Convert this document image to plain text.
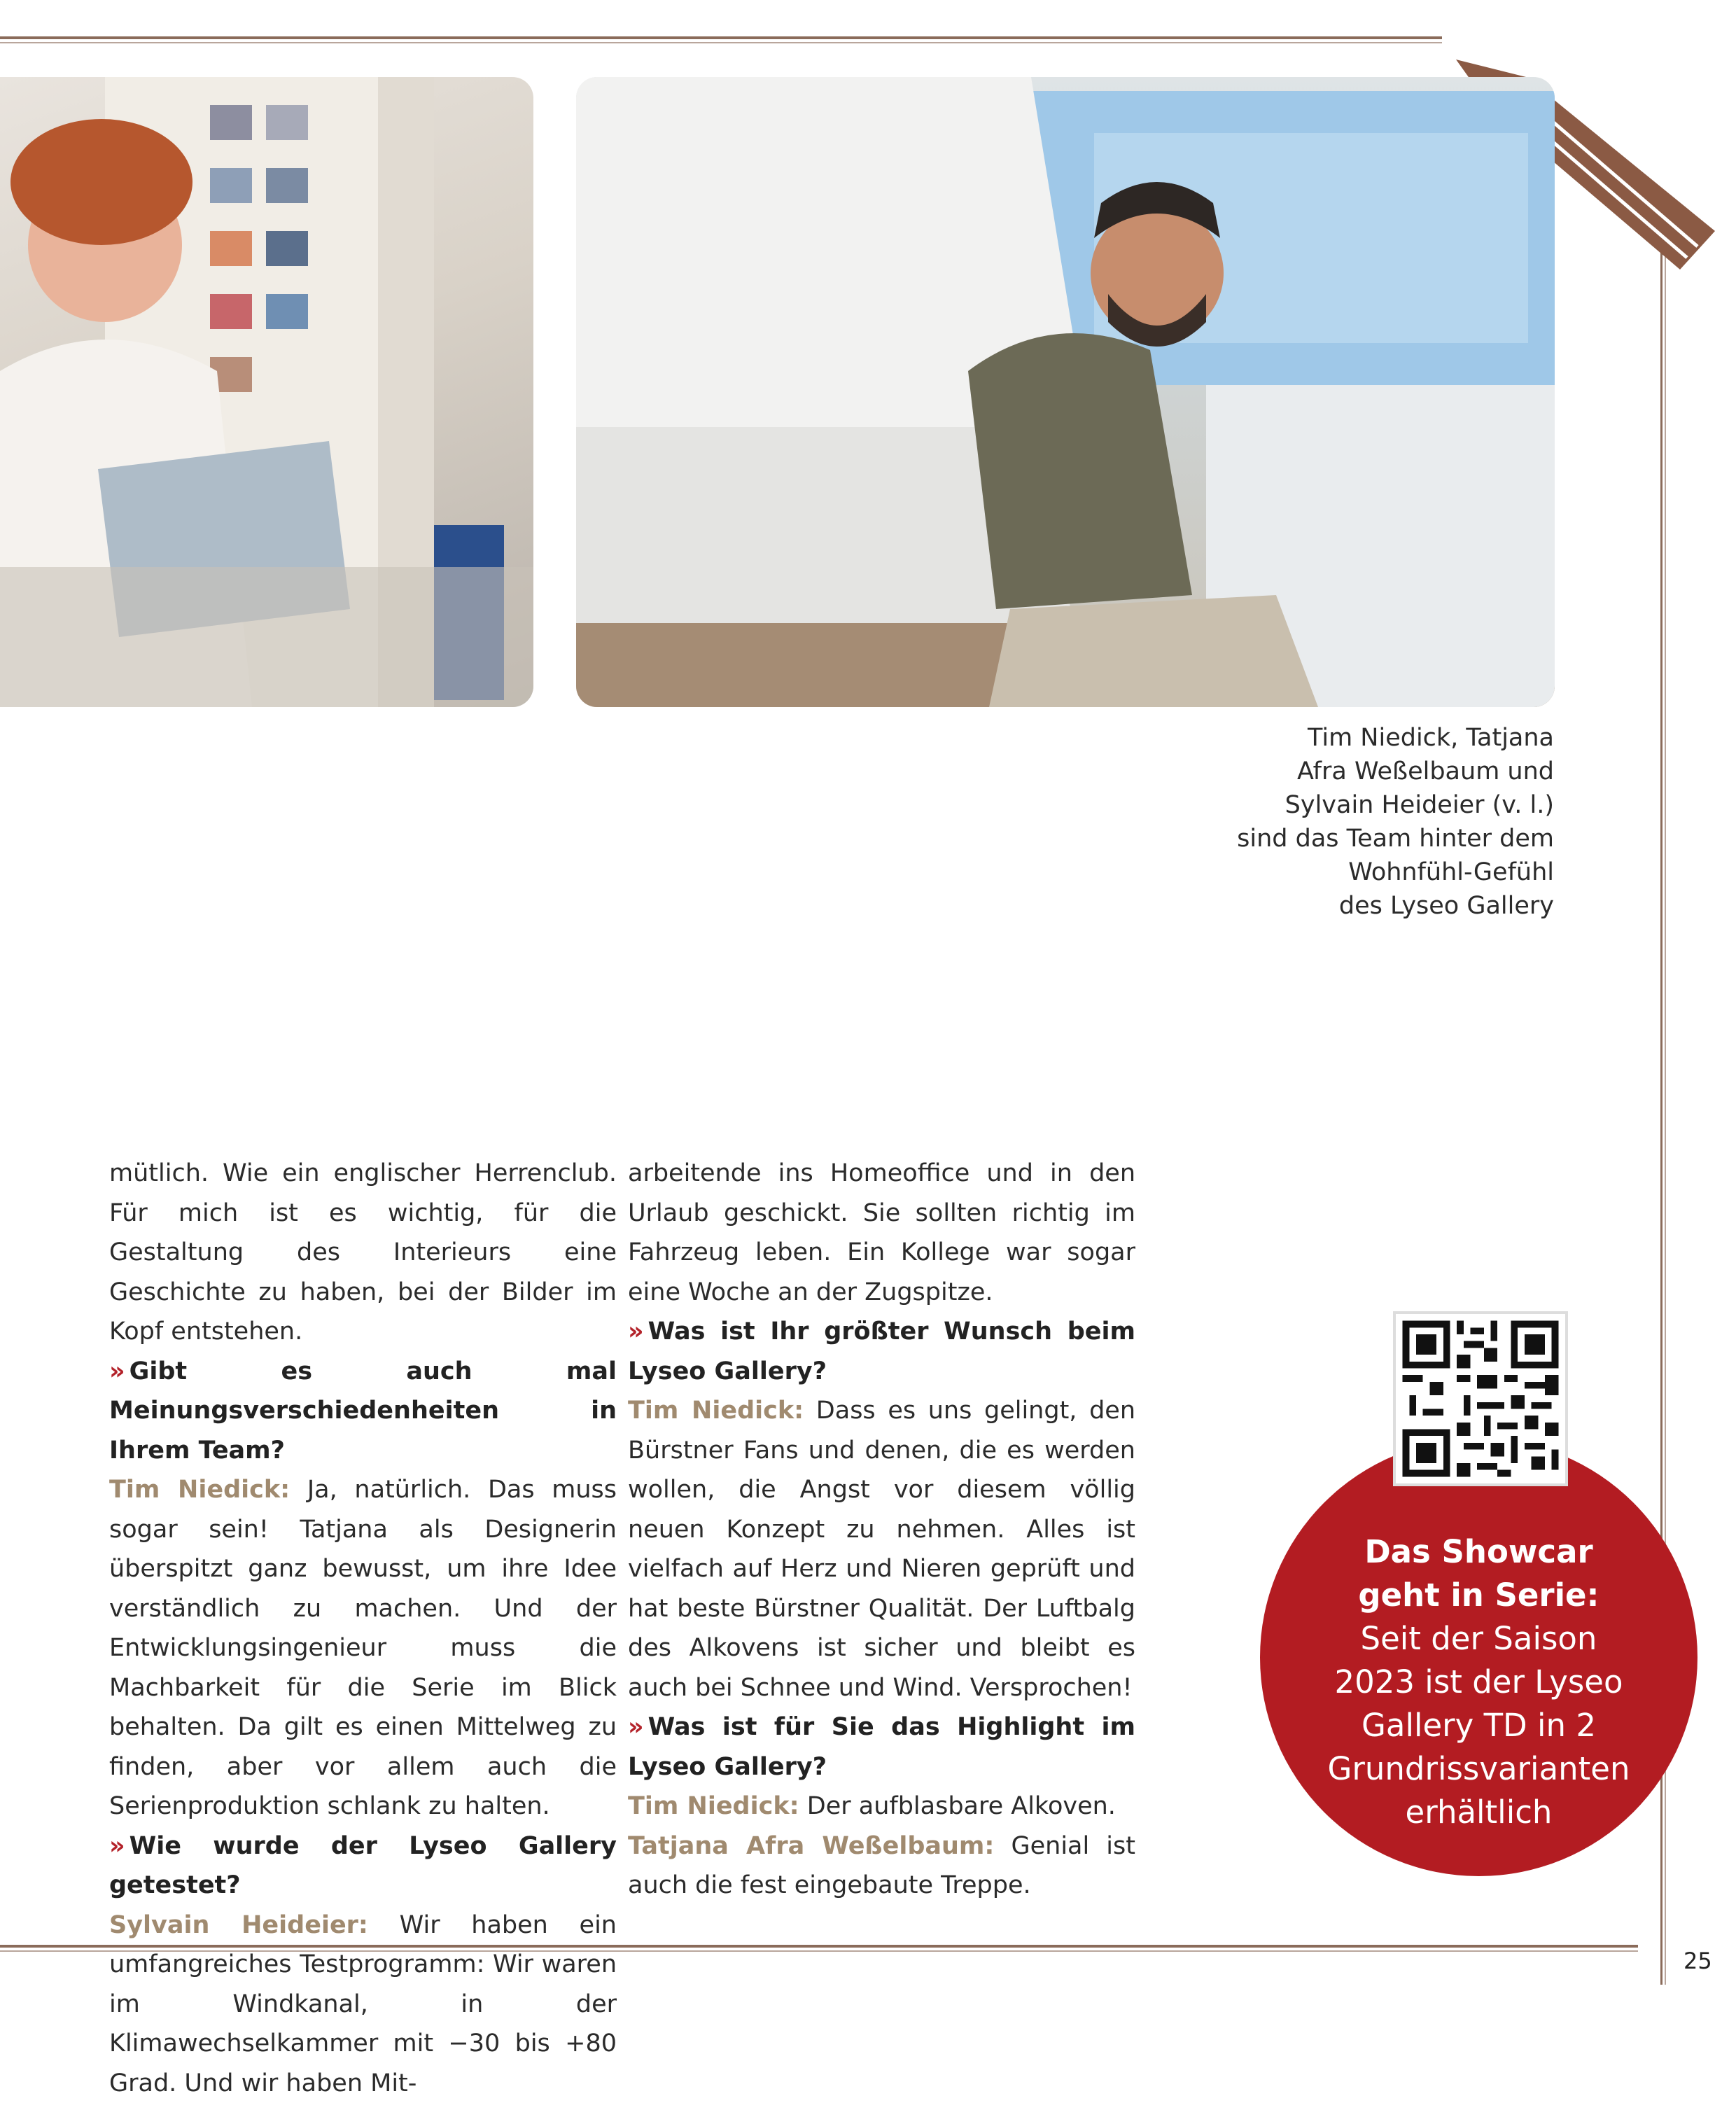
Tim Niedick, Tatjana
Afra Weßelbaum und
Sylvain Heideier (v. l.)
sind das Team hinter dem
Wohnfühl-Gefühl
des Lyseo Gallery

mütlich. Wie ein englischer Herrenclub. Für mich ist es wichtig, für die Gestaltung des Interieurs eine Geschichte zu haben, bei der Bilder im Kopf entstehen.

» Gibt es auch mal Meinungsverschiedenheiten in Ihrem Team?

Tim Niedick: Ja, natürlich. Das muss sogar sein! Tatjana als Designerin überspitzt ganz bewusst, um ihre Idee verständlich zu machen. Und der Entwicklungsingenieur muss die Machbarkeit für die Serie im Blick behalten. Da gilt es einen Mittelweg zu finden, aber vor allem auch die Serienproduktion schlank zu halten.

» Wie wurde der Lyseo Gallery getestet?

Sylvain Heideier: Wir haben ein umfangreiches Testprogramm: Wir waren im Windkanal, in der Klimawechselkammer mit −30 bis +80 Grad. Und wir haben Mit-

arbeitende ins Homeoffice und in den Urlaub geschickt. Sie sollten richtig im Fahrzeug leben. Ein Kollege war sogar eine Woche an der Zugspitze.

» Was ist Ihr größter Wunsch beim Lyseo Gallery?

Tim Niedick: Dass es uns gelingt, den Bürstner Fans und denen, die es werden wollen, die Angst vor diesem völlig neuen Konzept zu nehmen. Alles ist vielfach auf Herz und Nieren geprüft und hat beste Bürstner Qualität. Der Luftbalg des Alkovens ist sicher und bleibt es auch bei Schnee und Wind. Versprochen!

» Was ist für Sie das Highlight im Lyseo Gallery?

Tim Niedick: Der aufblasbare Alkoven.

Tatjana Afra Weßelbaum: Genial ist auch die fest eingebaute Treppe.

Das Showcar geht in Serie: Seit der Saison 2023 ist der Lyseo Gallery TD in 2 Grundrissvarianten erhältlich
25
